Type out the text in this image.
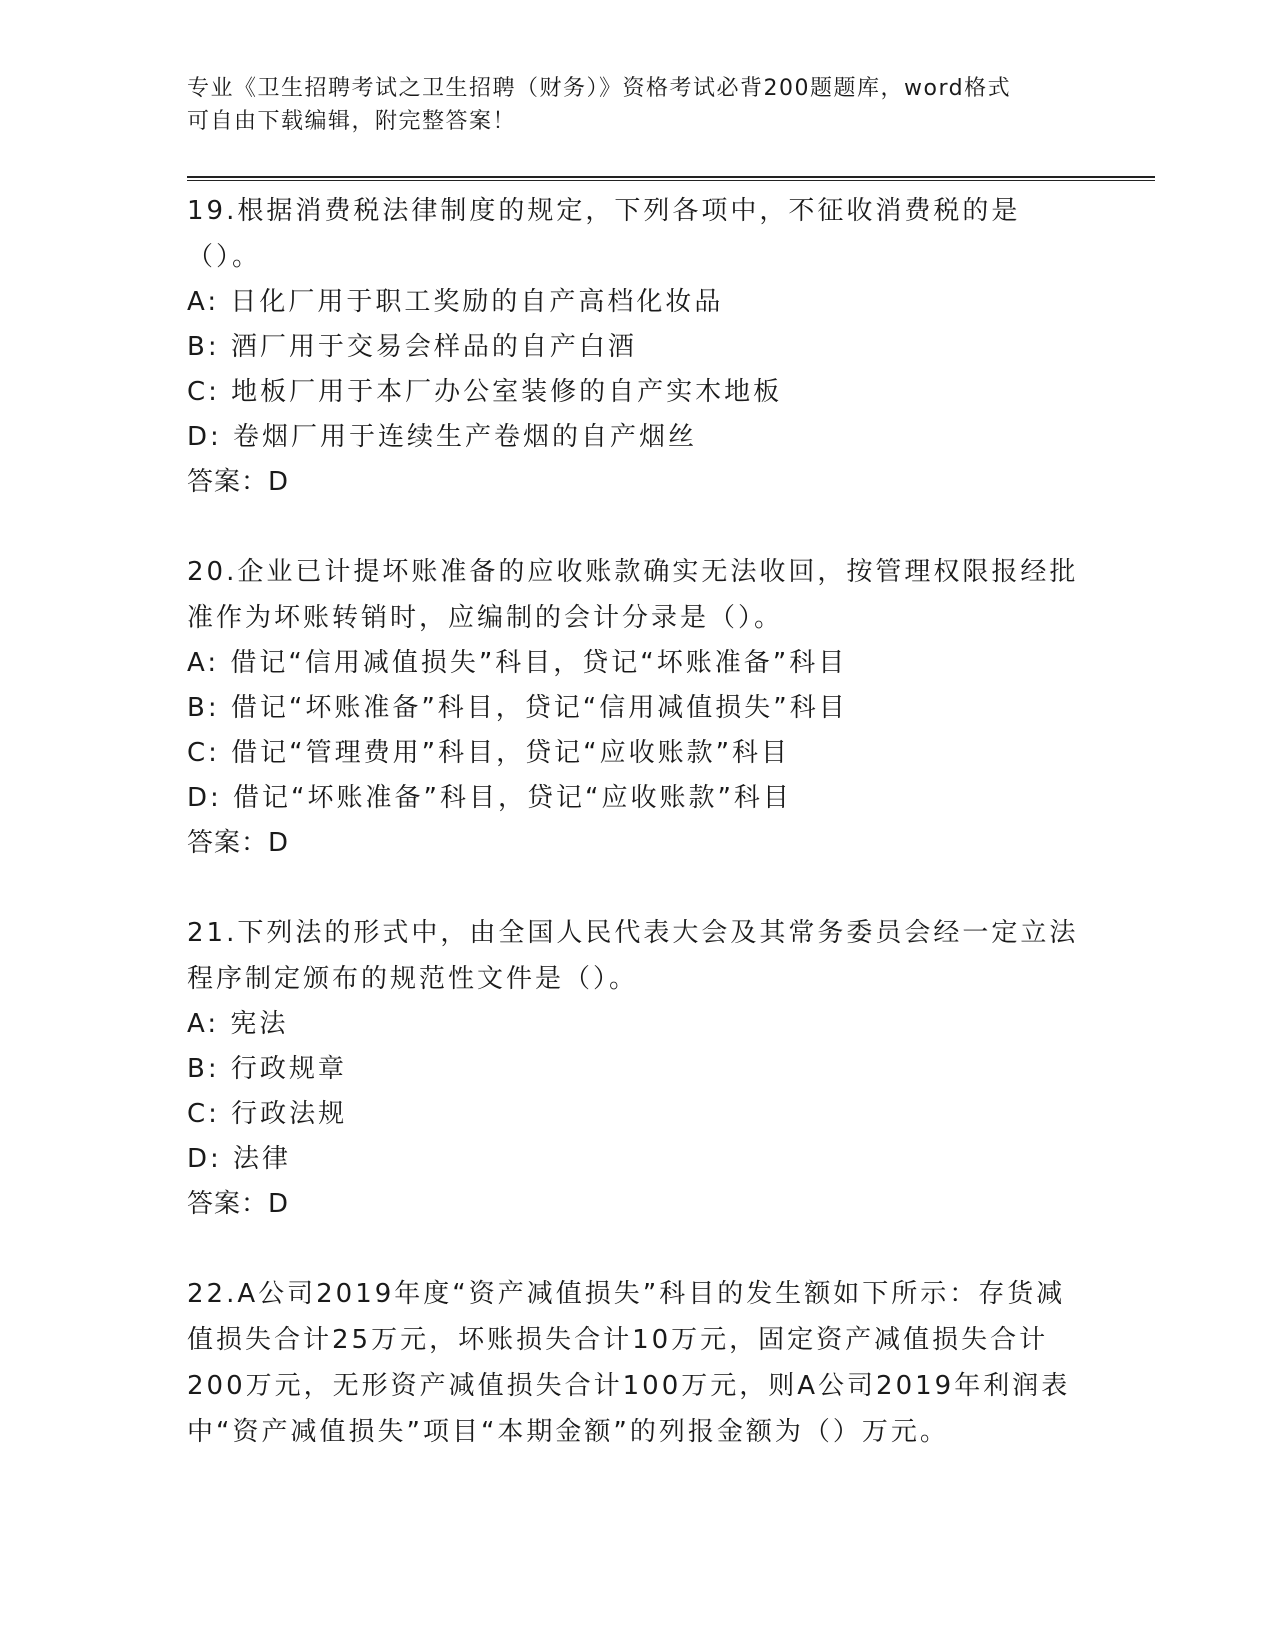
专业《卫生招聘考试之卫生招聘（财务）》资格考试必背200题题库，word格式
可自由下载编辑，附完整答案！

19.根据消费税法律制度的规定，下列各项中，不征收消费税的是（）。

A: 日化厂用于职工奖励的自产高档化妆品

B: 酒厂用于交易会样品的自产白酒

C: 地板厂用于本厂办公室装修的自产实木地板

D: 卷烟厂用于连续生产卷烟的自产烟丝

答案：D

20.企业已计提坏账准备的应收账款确实无法收回，按管理权限报经批准作为坏账转销时，应编制的会计分录是（）。

A: 借记“信用减值损失”科目，贷记“坏账准备”科目

B: 借记“坏账准备”科目，贷记“信用减值损失”科目

C: 借记“管理费用”科目，贷记“应收账款”科目

D: 借记“坏账准备”科目，贷记“应收账款”科目

答案：D

21.下列法的形式中，由全国人民代表大会及其常务委员会经一定立法程序制定颁布的规范性文件是（）。

A: 宪法

B: 行政规章

C: 行政法规

D: 法律

答案：D

22.A公司2019年度“资产减值损失”科目的发生额如下所示：存货减值损失合计25万元，坏账损失合计10万元，固定资产减值损失合计200万元，无形资产减值损失合计100万元，则A公司2019年利润表中“资产减值损失”项目“本期金额”的列报金额为（）万元。
